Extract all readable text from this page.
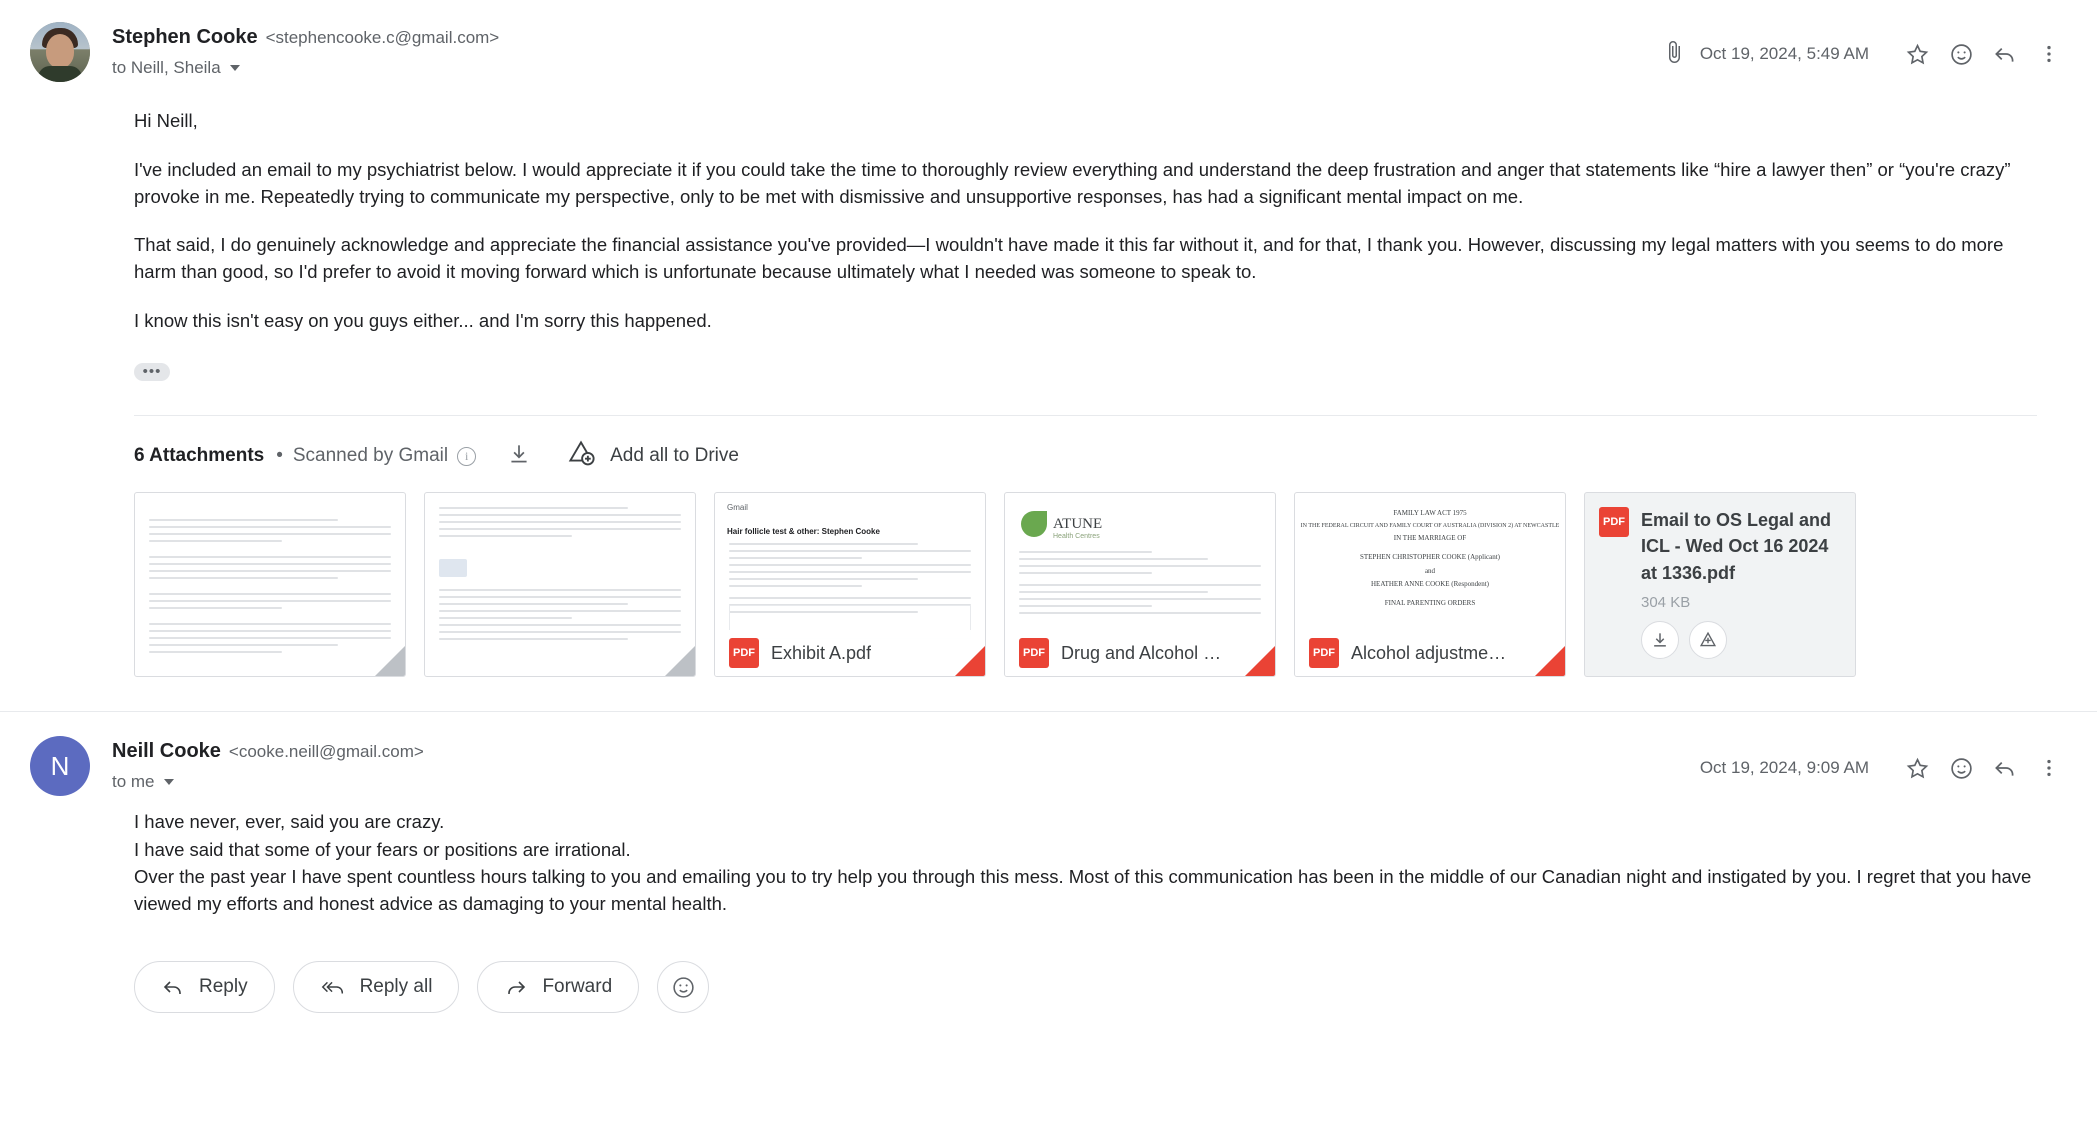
Stephen Cooke <stephencooke.c@gmail.com>
to Neill, Sheila
Oct 19, 2024, 5:49 AM

Hi Neill,

I've included an email to my psychiatrist below. I would appreciate it if you could take the time to thoroughly review everything and understand the deep frustration and anger that statements like “hire a lawyer then” or “you're crazy” provoke in me. Repeatedly trying to communicate my perspective, only to be met with dismissive and unsupportive responses, has had a significant mental impact on me.

That said, I do genuinely acknowledge and appreciate the financial assistance you've provided—I wouldn't have made it this far without it, and for that, I thank you. However, discussing my legal matters with you seems to do more harm than good, so I'd prefer to avoid it moving forward which is unfortunate because ultimately what I needed was someone to speak to.

I know this isn't easy on you guys either... and I'm sorry this happened.

•••
6 Attachments • Scanned by Gmail	i	Add all to Drive
Gmail
Hair follicle test & other: Stephen Cooke
PDF Exhibit A.pdf
ATUNE
Health Centres
PDF Drug and Alcohol …
FAMILY LAW ACT 1975
IN THE FEDERAL CIRCUIT AND FAMILY COURT OF AUSTRALIA (DIVISION 2) AT NEWCASTLE
IN THE MARRIAGE OF
STEPHEN CHRISTOPHER COOKE (Applicant)
and
HEATHER ANNE COOKE (Respondent)
FINAL PARENTING ORDERS
PDF Alcohol adjustme…
PDF Email to OS Legal and ICL - Wed Oct 16 2024 at 1336.pdf
304 KB
N	Neill Cooke <cooke.neill@gmail.com>
to me
Oct 19, 2024, 9:09 AM

I have never, ever, said you are crazy.

I have said that some of your fears or positions are irrational.

Over the past year I have spent countless hours talking to you and emailing you to try help you through this mess. Most of this communication has been in the middle of our Canadian night and instigated by you. I regret that you have viewed my efforts and honest advice as damaging to your mental health.

Reply	Reply all	Forward
